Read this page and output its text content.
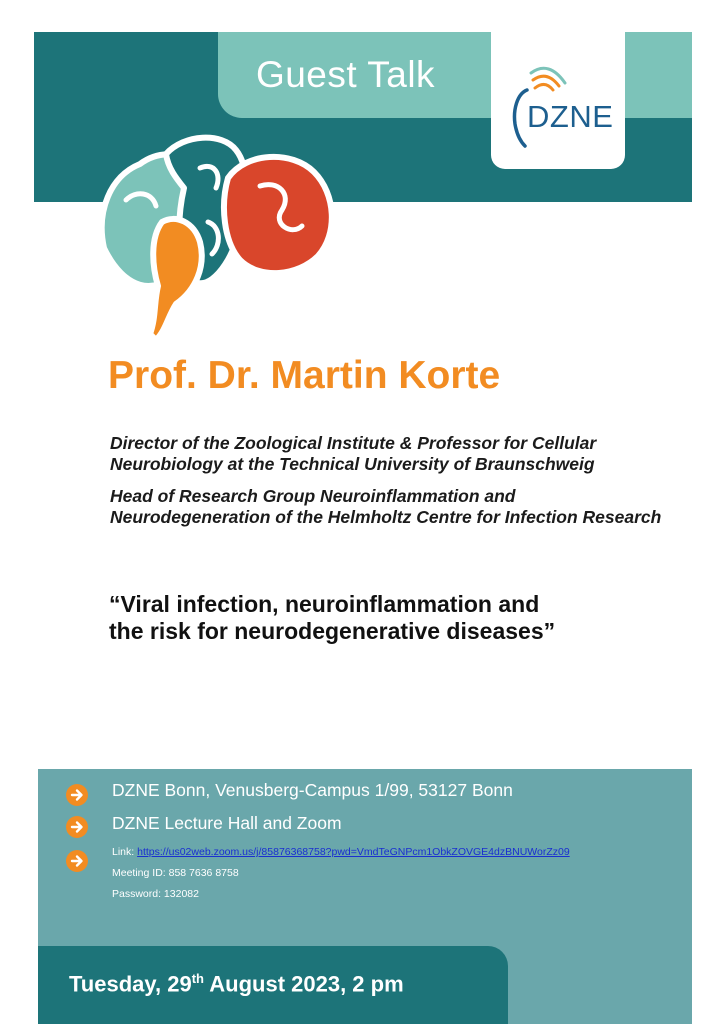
Guest Talk
DZNE
Prof. Dr. Martin Korte

Director of the Zoological Institute & Professor for Cellular Neurobiology at the Technical University of Braunschweig

Head of Research Group Neuroinflammation and Neurodegeneration of the Helmholtz Centre for Infection Research

“Viral infection, neuroinflammation and
the risk for neurodegenerative diseases”

DZNE Bonn, Venusberg-Campus 1/99, 53127 Bonn

DZNE Lecture Hall and Zoom

Link: https://us02web.zoom.us/j/85876368758?pwd=VmdTeGNPcm1ObkZOVGE4dzBNUWorZz09

Meeting ID: 858 7636 8758

Password: 132082

Tuesday, 29th August 2023, 2 pm
